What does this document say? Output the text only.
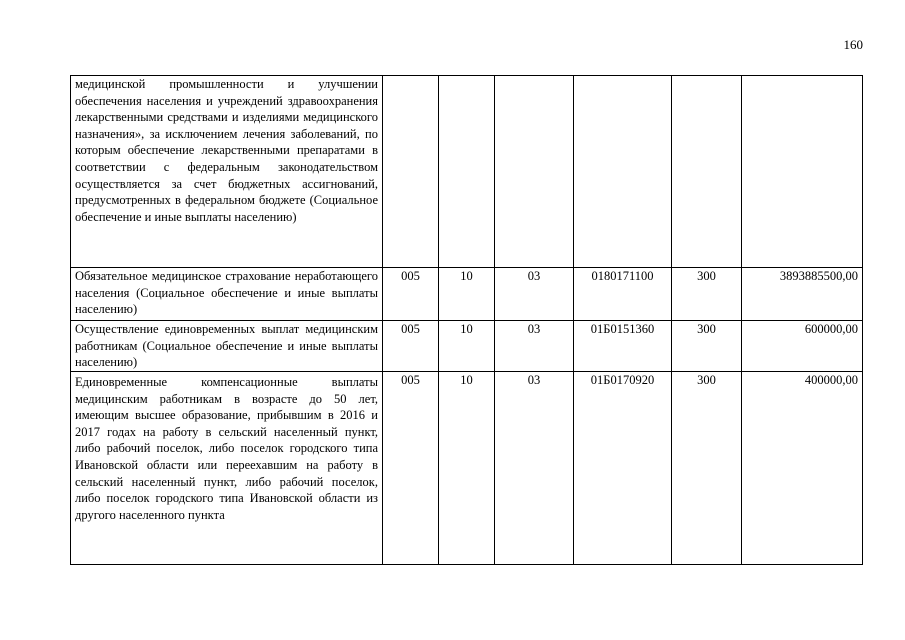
160
медицинской промышленности и улучшении обеспечения населения и учреждений здравоохранения лекарственными средствами и изделиями медицинского назначения», за исключением лечения заболеваний, по которым обеспечение лекарственными препаратами в соответствии с федеральным законодательством осуществляется за счет бюджетных ассигнований, предусмотренных в федеральном бюджете (Социальное обеспечение и иные выплаты населению)						
Обязательное медицинское страхование неработающего населения (Социальное обеспечение и иные выплаты населению)	005	10	03	0180171100	300	3893885500,00
Осуществление единовременных выплат медицинским работникам (Социальное обеспечение и иные выплаты населению)	005	10	03	01Б0151360	300	600000,00

Единовременные компенсационные выплаты медицинским работникам в возрасте до 50 лет, имеющим высшее образование, прибывшим в 2016 и 2017 годах на работу в сельский населенный пункт, либо рабочий поселок, либо поселок городского типа Ивановской области или переехавшим на работу в сельский населенный пункт, либо рабочий поселок, либо поселок городского типа Ивановской области из другого населенного пункта	005	10	03	01Б0170920	300	400000,00
